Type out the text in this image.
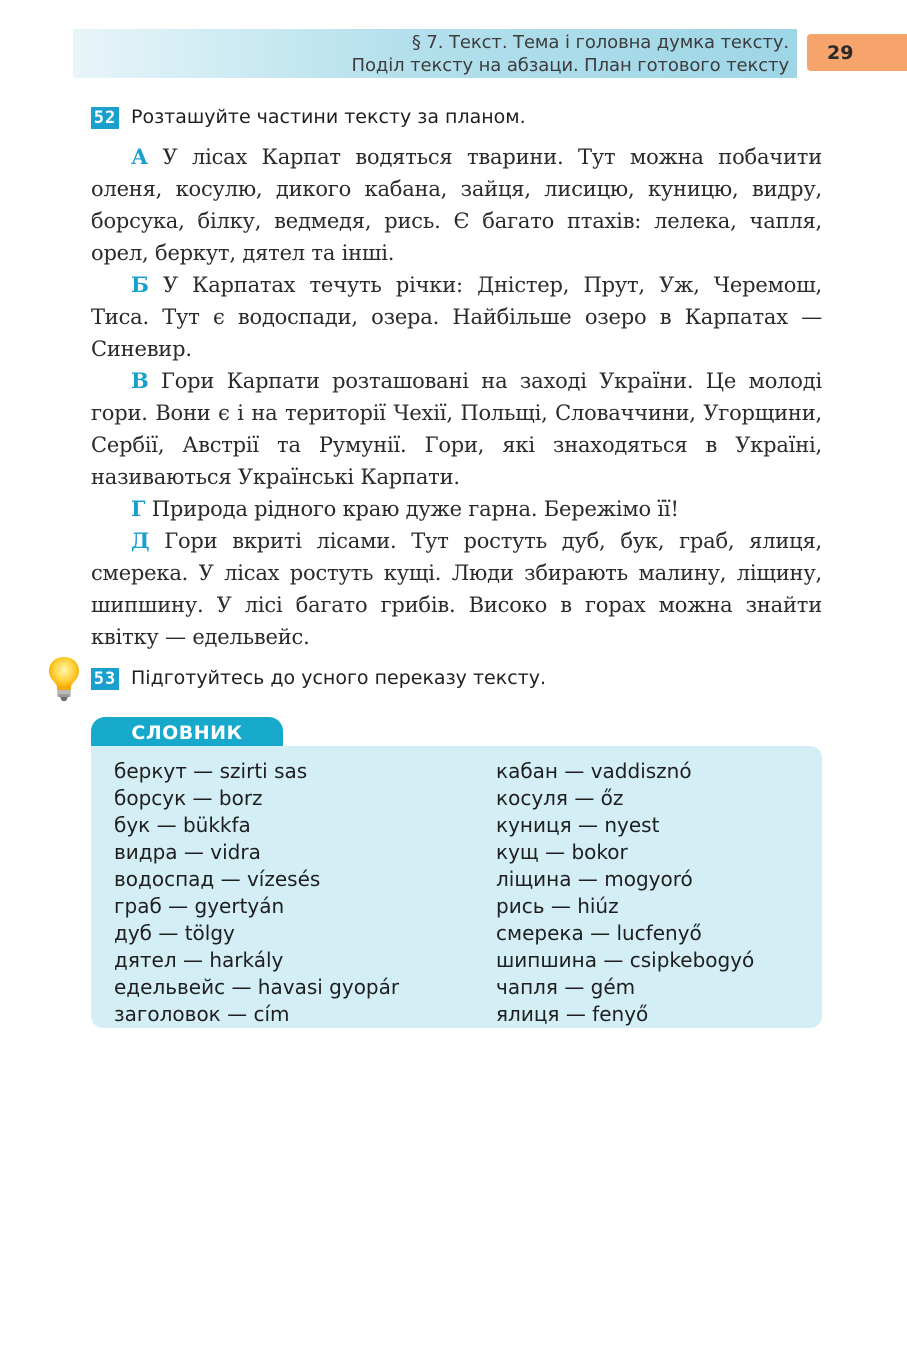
§ 7. Текст. Тема і головна думка тексту.
Поділ тексту на абзаци. План готового тексту
29
52 Розташуйте частини тексту за планом.

А У лісах Карпат водяться тварини. Тут можна побачити оленя, косулю, дикого кабана, зайця, лисицю, куницю, видру, борсука, білку, ведмедя, рись. Є багато птахів: лелека, чапля, орел, беркут, дятел та інші.

Б У Карпатах течуть річки: Дністер, Прут, Уж, Черемош, Тиса. Тут є водоспади, озера. Найбільше озеро в Карпатах — Синевир.

В Гори Карпати розташовані на заході України. Це молоді гори. Вони є і на території Чехії, Польщі, Словаччини, Угорщини, Сербії, Австрії та Румунії. Гори, які знаходяться в Україні, називаються Українські Карпати.

Г Природа рідного краю дуже гарна. Бережімо її!

Д Гори вкриті лісами. Тут ростуть дуб, бук, граб, ялиця, смерека. У лісах ростуть кущі. Люди збирають малину, ліщину, шипшину. У лісі багато грибів. Високо в горах можна знайти квітку — едельвейс.

53 Підготуйтесь до усного переказу тексту.
СЛОВНИК
беркут — szirti sas
борсук — borz
бук — bükkfa
видра — vidra
водоспад — vízesés
граб — gyertyán
дуб — tölgy
дятел — harkály
едельвейс — havasi gyopár
заголовок — cím
кабан — vaddisznó
косуля — őz
куниця — nyest
кущ — bokor
ліщина — mogyoró
рись — hiúz
смерека — lucfenyő
шипшина — csipkebogyó
чапля — gém
ялиця — fenyő
